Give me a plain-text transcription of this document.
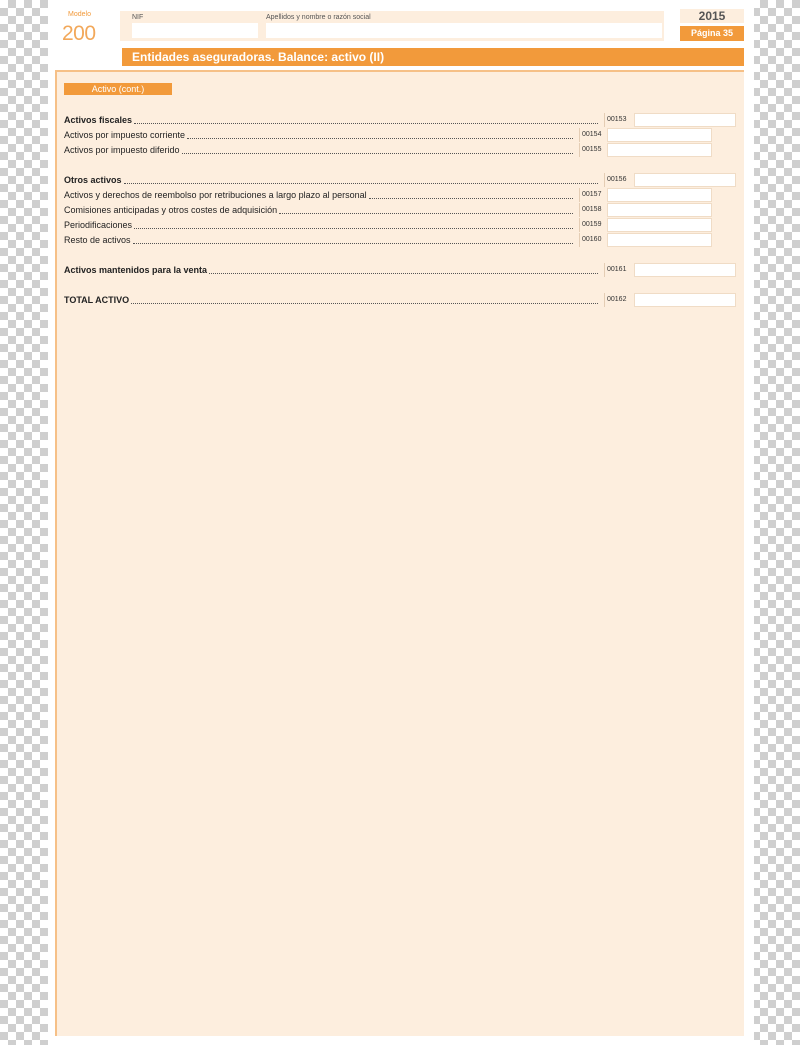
Modelo
200
NIF	Apellidos y nombre o razón social	2015
Página 35
Entidades aseguradoras. Balance: activo (II)
Activo (cont.)
Activos fiscales	00153
Activos por impuesto corriente	00154
Activos por impuesto diferido	00155
Otros activos	00156
Activos y derechos de reembolso por retribuciones a largo plazo al personal	00157
Comisiones anticipadas y otros costes de adquisición	00158
Periodificaciones	00159
Resto de activos	00160
Activos mantenidos para la venta	00161
TOTAL ACTIVO	00162
